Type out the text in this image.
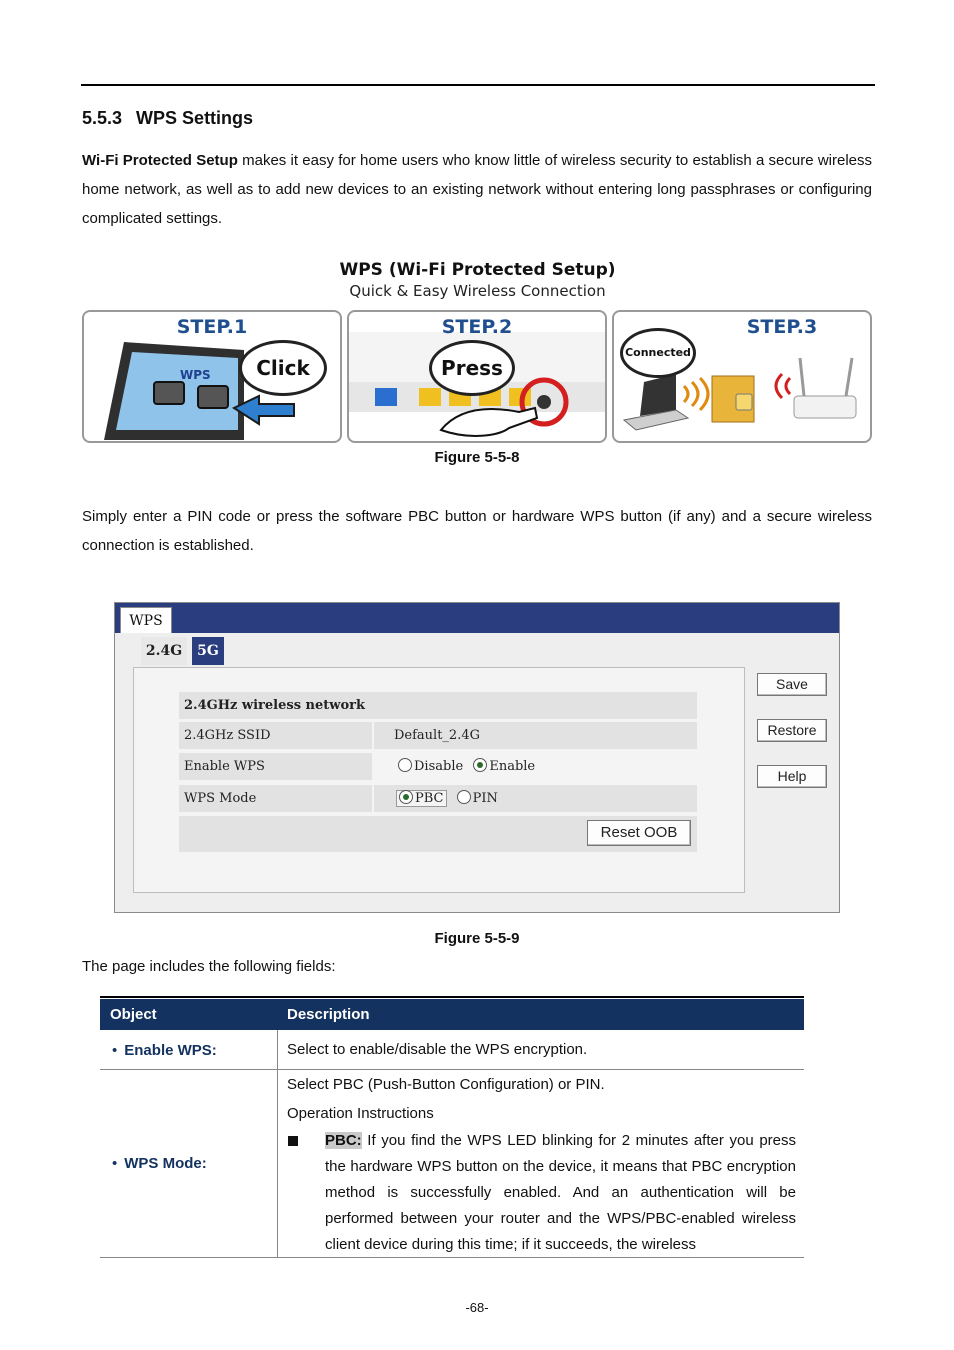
5.5.3 WPS Settings
Wi-Fi Protected Setup makes it easy for home users who know little of wireless security to establish a secure wireless home network, as well as to add new devices to an existing network without entering long passphrases or configuring complicated settings.
WPS (Wi-Fi Protected Setup)
Quick & Easy Wireless Connection
STEP.1
WPS	Click
STEP.2
Press
STEP.3
Connected
Figure 5-5-8
Simply enter a PIN code or press the software PBC button or hardware WPS button (if any) and a secure wireless connection is established.
WPS
2.4G	5G
2.4GHz wireless network
2.4GHz SSID	Default_2.4G
Enable WPS	Disable Enable
WPS Mode	PBC PIN
Reset OOB
Save
Restore
Help
Figure 5-5-9
The page includes the following fields:
Object	Description
• Enable WPS:	Select to enable/disable the WPS encryption.
• WPS Mode:
Select PBC (Push-Button Configuration) or PIN.
Operation Instructions
PBC: If you find the WPS LED blinking for 2 minutes after you press the hardware WPS button on the device, it means that PBC encryption method is successfully enabled. And an authentication will be performed between your router and the WPS/PBC-enabled wireless client device during this time; if it succeeds, the wireless
-68-
